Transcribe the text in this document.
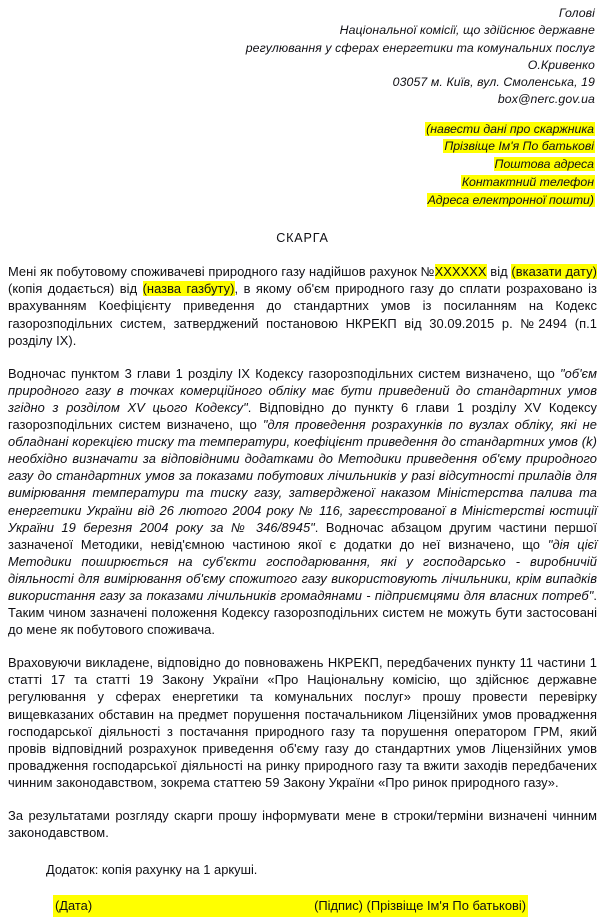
Голові
Національної комісії, що здійснює державне
регулювання у сферах енергетики та комунальних послуг
О.Кривенко
03057 м. Київ, вул. Смоленська, 19
box@nerc.gov.ua
(навести дані про скаржника
Прізвіще Ім'я По батькові
Поштова адреса
Контактний телефон
Адреса електронної пошти)
СКАРГА
Мені як побутовому споживачеві природного газу надійшов рахунок №XXXXXX від (вказати дату) (копія додається) від (назва газбуту), в якому об'єм природного газу до сплати розраховано із врахуванням Коефіцієнту приведення до стандартних умов із посиланням на Кодекс газорозподільних систем, затверджений постановою НКРЕКП від 30.09.2015 р. №2494 (п.1 розділу IX).
Водночас пунктом 3 глави 1 розділу IX Кодексу газорозподільних систем визначено, що "об'єм природного газу в точках комерційного обліку має бути приведений до стандартних умов згідно з розділом XV цього Кодексу". Відповідно до пункту 6 глави 1 розділу XV Кодексу газорозподільних систем визначено, що "для проведення розрахунків по вузлах обліку, які не обладнані корекцією тиску та температури, коефіцієнт приведення до стандартних умов (k) необхідно визначати за відповідними додатками до Методики приведення об'єму природного газу до стандартних умов за показами побутових лічильників у разі відсутності приладів для вимірювання температури та тиску газу, затвердженої наказом Міністерства палива та енергетики України від 26 лютого 2004 року № 116, зареєстрованої в Міністерстві юстиції України 19 березня 2004 року за № 346/8945". Водночас абзацом другим частини першої зазначеної Методики, невід'ємною частиною якої є додатки до неї визначено, що "дія цієї Методики поширюється на суб'єкти господарювання, які у господарсько - виробничій діяльності для вимірювання об'єму спожитого газу використовують лічильники, крім випадків використання газу за показами лічильників громадянами - підприємцями для власних потреб". Таким чином зазначені положення Кодексу газорозподільних систем не можуть бути застосовані до мене як побутового споживача.
Враховуючи викладене, відповідно до повноважень НКРЕКП, передбачених пункту 11 частини 1 статті 17 та статті 19 Закону України «Про Національну комісію, що здійснює державне регулювання у сферах енергетики та комунальних послуг» прошу провести перевірку вищевказаних обставин на предмет порушення постачальником Ліцензійних умов провадження господарської діяльності з постачання природного газу та порушення оператором ГРМ, який провів відповідний розрахунок приведення об'єму газу до стандартних умов Ліцензійних умов провадження господарської діяльності на ринку природного газу та вжити заходів передбачених чинним законодавством, зокрема статтею 59 Закону України «Про ринок природного газу».
За результатами розгляду скарги прошу інформувати мене в строки/терміни визначені чинним законодавством.
Додаток: копія рахунку на 1 аркуші.
(Дата)	(Підпис) (Прізвіще Ім'я По батькові)
